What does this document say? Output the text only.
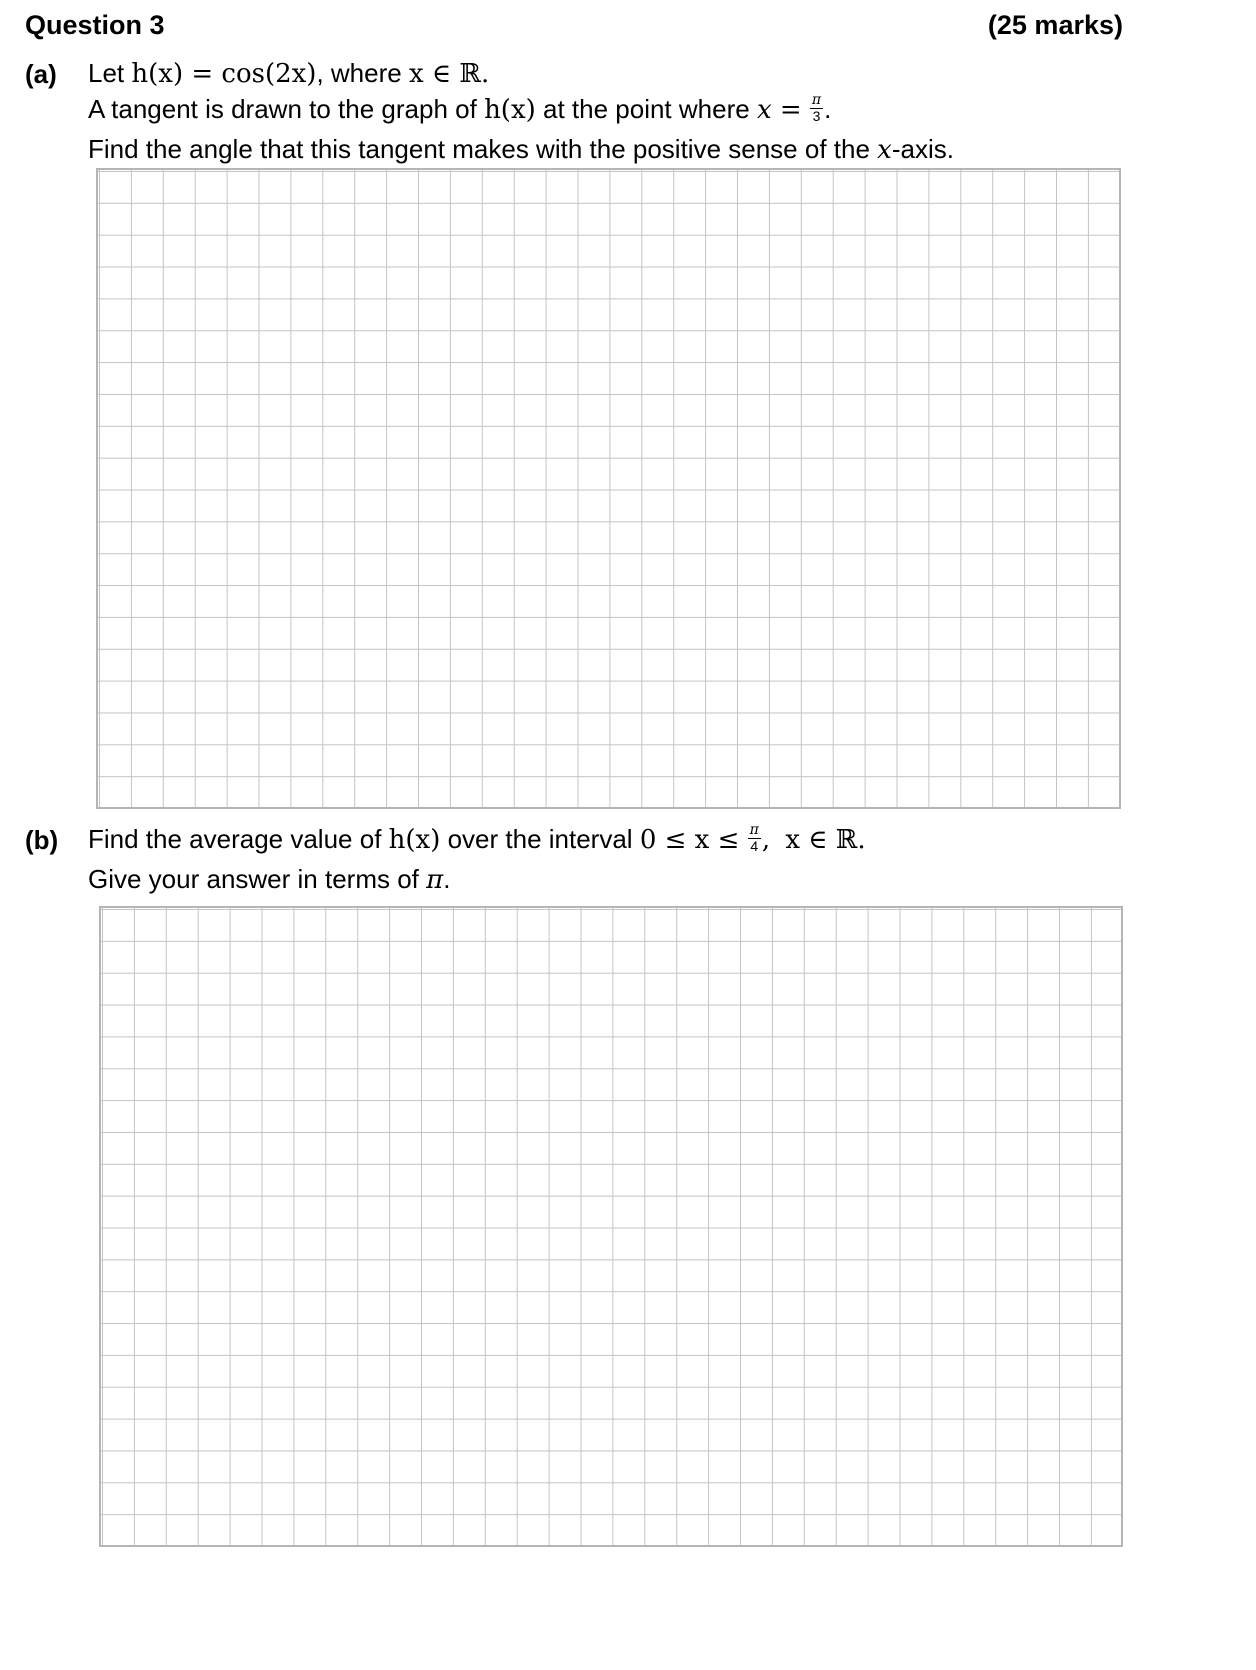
Question 3	(25 marks)
(a) Let h(x) = cos(2x), where x ∈ ℝ.
A tangent is drawn to the graph of h(x) at the point where $x = \frac{\pi}{3}$ .
Find the angle that this tangent makes with the positive sense of the x-axis.
(b) Find the average value of h(x) over the interval $0 \le x \le \frac{\pi}{4}$ , x ∈ ℝ.
Give your answer in terms of π.
